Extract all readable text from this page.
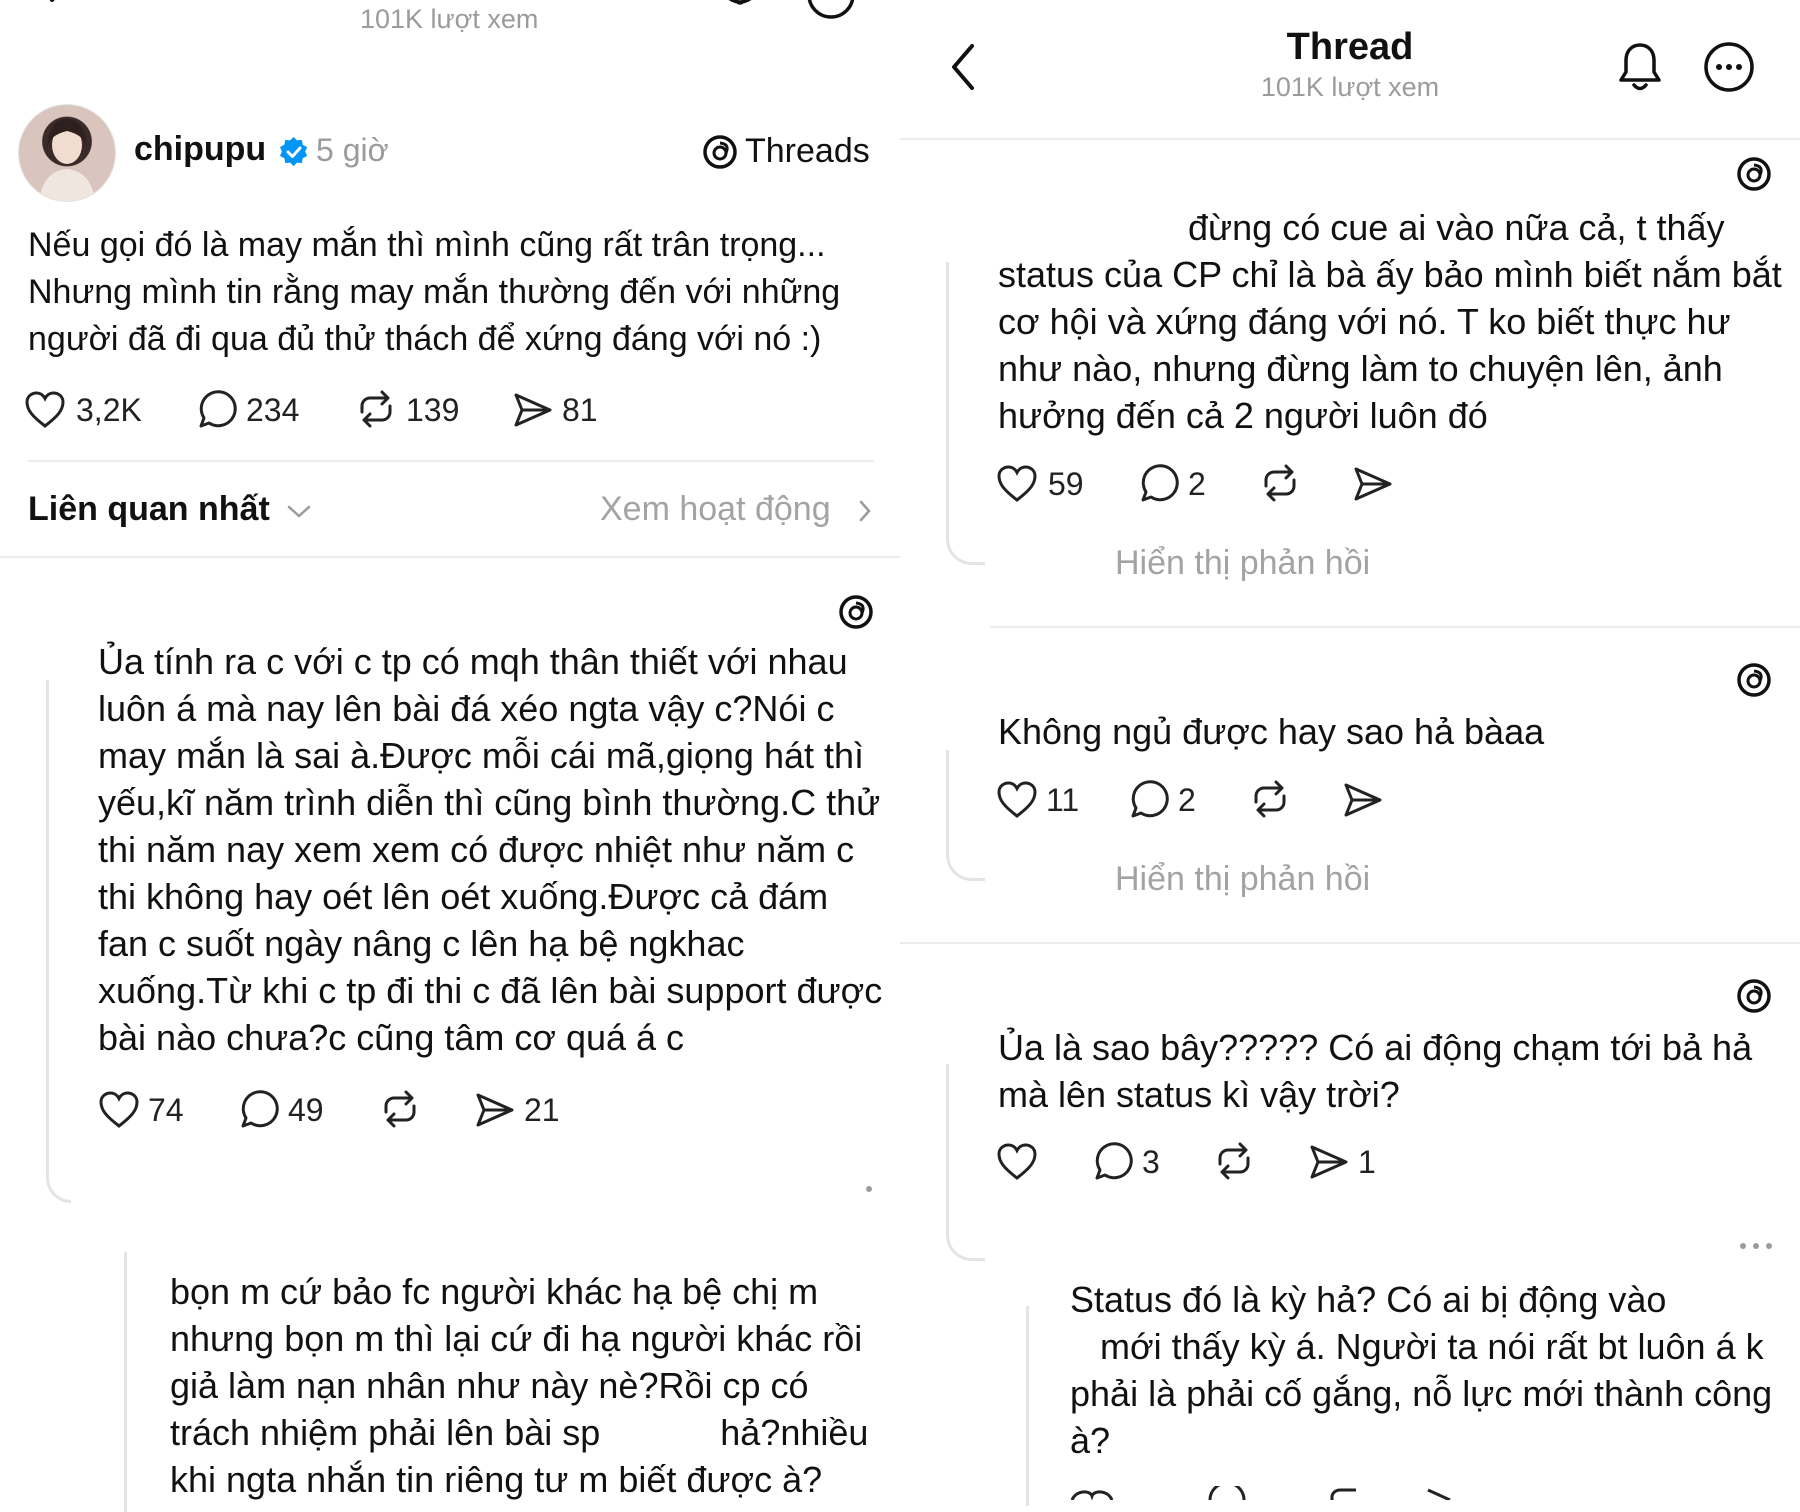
101K lượt xem
chipupu 5 giờ	Threads
Nếu gọi đó là may mắn thì mình cũng rất trân trọng...
Nhưng mình tin rằng may mắn thường đến với những
người đã đi qua đủ thử thách để xứng đáng với nó :)
3,2K	234	139	81
Liên quan nhất	Xem hoạt động
Ủa tính ra c với c tp có mqh thân thiết với nhau
luôn á mà nay lên bài đá xéo ngta vậy c?Nói c
may mắn là sai à.Được mỗi cái mã,giọng hát thì
yếu,kĩ năm trình diễn thì cũng bình thường.C thử
thi năm nay xem xem có được nhiệt như năm c
thi không hay oét lên oét xuống.Được cả đám
fan c suốt ngày nâng c lên hạ bệ ngkhac
xuống.Từ khi c tp đi thi c đã lên bài support được
bài nào chưa?c cũng tâm cơ quá á c
74	49	21
bọn m cứ bảo fc người khác hạ bệ chị m
nhưng bọn m thì lại cứ đi hạ người khác rồi
giả làm nạn nhân như này nè?Rồi cp có
trách nhiệm phải lên bài sp            hả?nhiều
khi ngta nhắn tin riêng tư m biết được à?
Thread
101K lượt xem
đừng có cue ai vào nữa cả, t thấy
status của CP chỉ là bà ấy bảo mình biết nắm bắt
cơ hội và xứng đáng với nó. T ko biết thực hư
như nào, nhưng đừng làm to chuyện lên, ảnh
hưởng đến cả 2 người luôn đó
59	2
Hiển thị phản hồi
Không ngủ được hay sao hả bàaa
11	2
Hiển thị phản hồi
Ủa là sao bây????? Có ai động chạm tới bả hả
mà lên status kì vậy trời?
3	1
Status đó là kỳ hả? Có ai bị động vào
mới thấy kỳ á. Người ta nói rất bt luôn á k
phải là phải cố gắng, nỗ lực mới thành công
à?
